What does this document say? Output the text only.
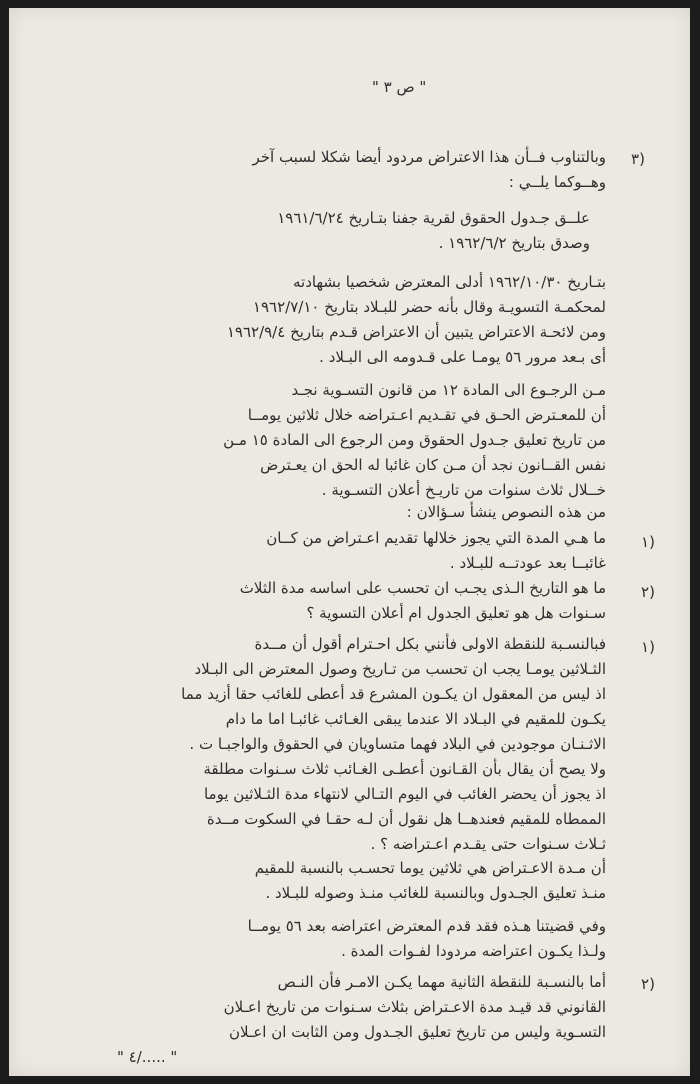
" ص ٣ "
٣)
وبالتناوب فــأن هذا الاعتراض مردود أيضا شكلا لسبب آخر
وهــوكما يلــي :
علــق جـدول الحقوق لقرية جفنا بتـاريخ ١٩٦١/٦/٢٤
وصدق بتاريخ ١٩٦٢/٦/٢ .
بتـاريخ ١٩٦٢/١٠/٣٠ أدلى المعترض شخصيا بشهادته
لمحكمـة التسويـة وقال بأنه حضر للبـلاد بتاريخ ١٩٦٢/٧/١٠
ومن لائحـة الاعتراض يتبين أن الاعتراض قـدم بتاريخ ١٩٦٢/٩/٤
أى بـعد مرور ٥٦ يومـا على قـدومه الى البـلاد .
مـن الرجـوع الى المادة ١٢ من قانون التسـوية نجـد
أن للمعـترض الحـق في تقـديم اعـتراضه خلال ثلاثين يومــا
من تاريخ تعليق جـدول الحقوق ومن الرجوع الى المادة ١٥ مـن
نفس القــانون نجد أن مـن كان غائبا له الحق ان يعـترض
خــلال ثلاث سنوات من تاريـخ أعلان التسـوية .
من هذه النصوص ينشأ سـؤالان :
١)
ما هـي المدة التي يجوز خلالها تقديم اعـتراض من كــان
غائبــا بعد عودتــه للبـلاد .
٢)
ما هو التاريخ الـذى يجـب ان تحسب على اساسه مدة الثلاث
سـنوات هل هو تعليق الجدول ام أعلان التسوية ؟
١)
فبالنسـبة للنقطة الاولى فأنني بكل احـترام أقول أن مــدة
الثـلاثين يومـا يجب ان تحسب من تـاريخ وصول المعترض الى البـلاد
اذ ليس من المعقول ان يكـون المشرع قد أعطى للغائب حقا أزيد مما
يكـون للمقيم في البـلاد الا عندما يبقى الغـائب غائبـا اما ما دام
الاثـنـان موجودين في البلاد فهما متساويان في الحقوق والواجبـا ت .
ولا يصح أن يقال بأن القـانون أعطـى الغـائب ثلاث سـنوات مطلقة
اذ يجوز أن يحضر الغائب في اليوم التـالي لانتهاء مدة الثـلاثين يوما
الممطاه للمقيم فعندهــا هل نقول أن لـه حقـا في السكوت مــدة
ثـلاث سـنوات حتى يقـدم اعـتراضه ؟ .
أن مـدة الاعـتراض هي ثلاثين يوما تحسـب بالنسبة للمقيم
منـذ تعليق الجـدول وبالنسبة للغائب منـذ وصوله للبـلاد .
وفي قضيتنا هـذه فقد قدم المعترض اعتراضه بعد ٥٦ يومــا
ولـذا يكـون اعتراضه مردودا لفـوات المدة .
٢)
أما بالنسـبة للنقطة الثانية مهما يكـن الامـر فأن النـص
القانوني قد قيـد مدة الاعـتراض بثلاث سـنوات من تاريخ اعـلان
التسـوية وليس من تاريخ تعليق الجـدول ومن الثابت ان اعـلان
" ٤/..... "
